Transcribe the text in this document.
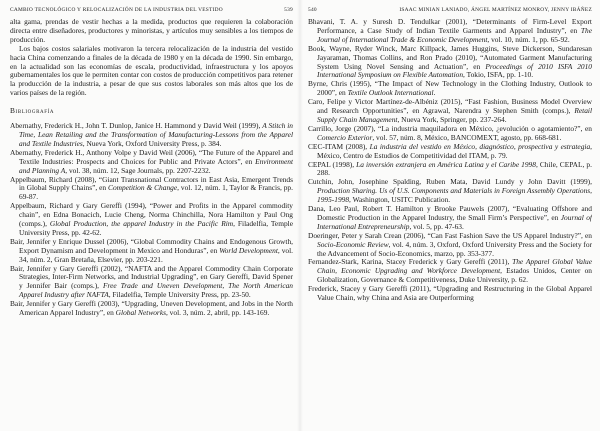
CAMBIO TECNOLÓGICO Y RELOCALIZACIÓN DE LA INDUSTRIA DEL VESTIDO	539

alta gama, prendas de vestir hechas a la medida, productos que requieren la colaboración directa entre diseñadores, productores y minoristas, y artículos muy sensibles a los tiempos de producción.

Los bajos costos salariales motivaron la tercera relocalización de la industria del vestido hacia China comenzando a finales de la década de 1980 y en la década de 1990. Sin embargo, en la actualidad son las economías de escala, productividad, infraestructura y los apoyos gubernamentales los que le permiten contar con costos de producción competitivos para retener la producción de la industria, a pesar de que sus costos laborales son más altos que los de varios países de la región.

Bibliografía

Abernathy, Frederick H., John T. Dunlop, Janice H. Hammond y David Weil (1999), A Stitch in Time, Lean Retailing and the Transformation of Manufacturing-Lessons from the Apparel and Textile Industries, Nueva York, Oxford University Press, p. 384.

Abernathy, Frederick H., Anthony Volpe y David Weil (2006), “The Future of the Apparel and Textile Industries: Prospects and Choices for Public and Private Actors”, en Environment and Planning A, vol. 38, núm. 12, Sage Journals, pp. 2207-2232.

Appelbaum, Richard (2008), “Giant Transnational Contractors in East Asia, Emergent Trends in Global Supply Chains”, en Competition & Change, vol. 12, núm. 1, Taylor & Francis, pp. 69-87.

Appelbaum, Richard y Gary Gereffi (1994), “Power and Profits in the Apparel commodity chain”, en Edna Bonacich, Lucie Cheng, Norma Chinchilla, Nora Hamilton y Paul Ong (comps.), Global Production, the apparel Industry in the Pacific Rim, Filadelfia, Temple University Press, pp. 42-62.

Bair, Jennifer y Enrique Dussel (2006), “Global Commodity Chains and Endogenous Growth, Export Dynamism and Development in Mexico and Honduras”, en World Development, vol. 34, núm. 2, Gran Bretaña, Elsevier, pp. 203-221.

Bair, Jennifer y Gary Gereffi (2002), “NAFTA and the Apparel Commodity Chain Corporate Strategies, Inter-Firm Networks, and Industrial Upgrading”, en Gary Gereffi, David Spener y Jennifer Bair (comps.), Free Trade and Uneven Development, The North American Apparel Industry after NAFTA, Filadelfia, Temple University Press, pp. 23-50.

Bair, Jennifer y Gary Gereffi (2003), “Upgrading, Uneven Development, and Jobs in the North American Apparel Industry”, en Global Networks, vol. 3, núm. 2, abril, pp. 143-169.

540	ISAAC MINIAN LANIADO, ÁNGEL MARTÍNEZ MONROY, JENNY IBÁÑEZ

Bhavani, T. A. y Suresh D. Tendulkar (2001), “Determinants of Firm-Level Export Performance, a Case Study of Indian Textile Garments and Apparel Industry”, en The Journal of International Trade & Economic Development, vol. 10, núm. 1, pp. 65-92.

Book, Wayne, Ryder Winck, Marc Killpack, James Huggins, Steve Dickerson, Sundaresan Jayaraman, Thomas Collins, and Ron Prado (2010), “Automated Garment Manufacturing System Using Novel Sensing and Actuation”, en Proceedings of 2010 ISFA 2010 International Symposium on Flexible Automation, Tokio, ISFA, pp. 1-10.

Byrne, Chris (1995), “The Impact of New Technology in the Clothing Industry, Outlook to 2000”, en Textile Outlook International.

Caro, Felipe y Victor Martínez-de-Albéniz (2015), “Fast Fashion, Business Model Overview and Research Opportunities”, en Agrawal, Narendra y Stephen Smith (comps.), Retail Supply Chain Management, Nueva York, Springer, pp. 237-264.

Carrillo, Jorge (2007), “La industria maquiladora en México, ¿evolución o agotamiento?”, en Comercio Exterior, vol. 57, núm. 8, México, BANCOMEXT, agosto, pp. 668-681.

CEC-ITAM (2008), La industria del vestido en México, diagnóstico, prospectiva y estrategia, México, Centro de Estudios de Competitividad del ITAM, p. 79.

CEPAL (1998), La inversión extranjera en América Latina y el Caribe 1998, Chile, CEPAL, p. 288.

Cutchin, John, Josephine Spalding, Ruben Mata, David Lundy y John Davitt (1999), Production Sharing. Us of U.S. Components and Materials in Foreign Assembly Operations, 1995-1998, Washington, USITC Publication.

Dana, Leo Paul, Robert T. Hamilton y Brooke Pauwels (2007), “Evaluating Offshore and Domestic Production in the Apparel Industry, the Small Firm’s Perspective”, en Journal of International Entrepreneurship, vol. 5, pp. 47-63.

Doeringer, Peter y Sarah Crean (2006), “Can Fast Fashion Save the US Apparel Industry?”, en Socio-Economic Review, vol. 4, núm. 3, Oxford, Oxford University Press and the Society for the Advancement of Socio-Economics, marzo, pp. 353-377.

Fernandez-Stark, Karina, Stacey Frederick y Gary Gereffi (2011), The Apparel Global Value Chain, Economic Upgrading and Workforce Development, Estados Unidos, Center on Globalization, Governance & Competitiveness, Duke University, p. 62.

Frederick, Stacey y Gary Gereffi (2011), “Upgrading and Restructuring in the Global Apparel Value Chain, why China and Asia are Outperforming
